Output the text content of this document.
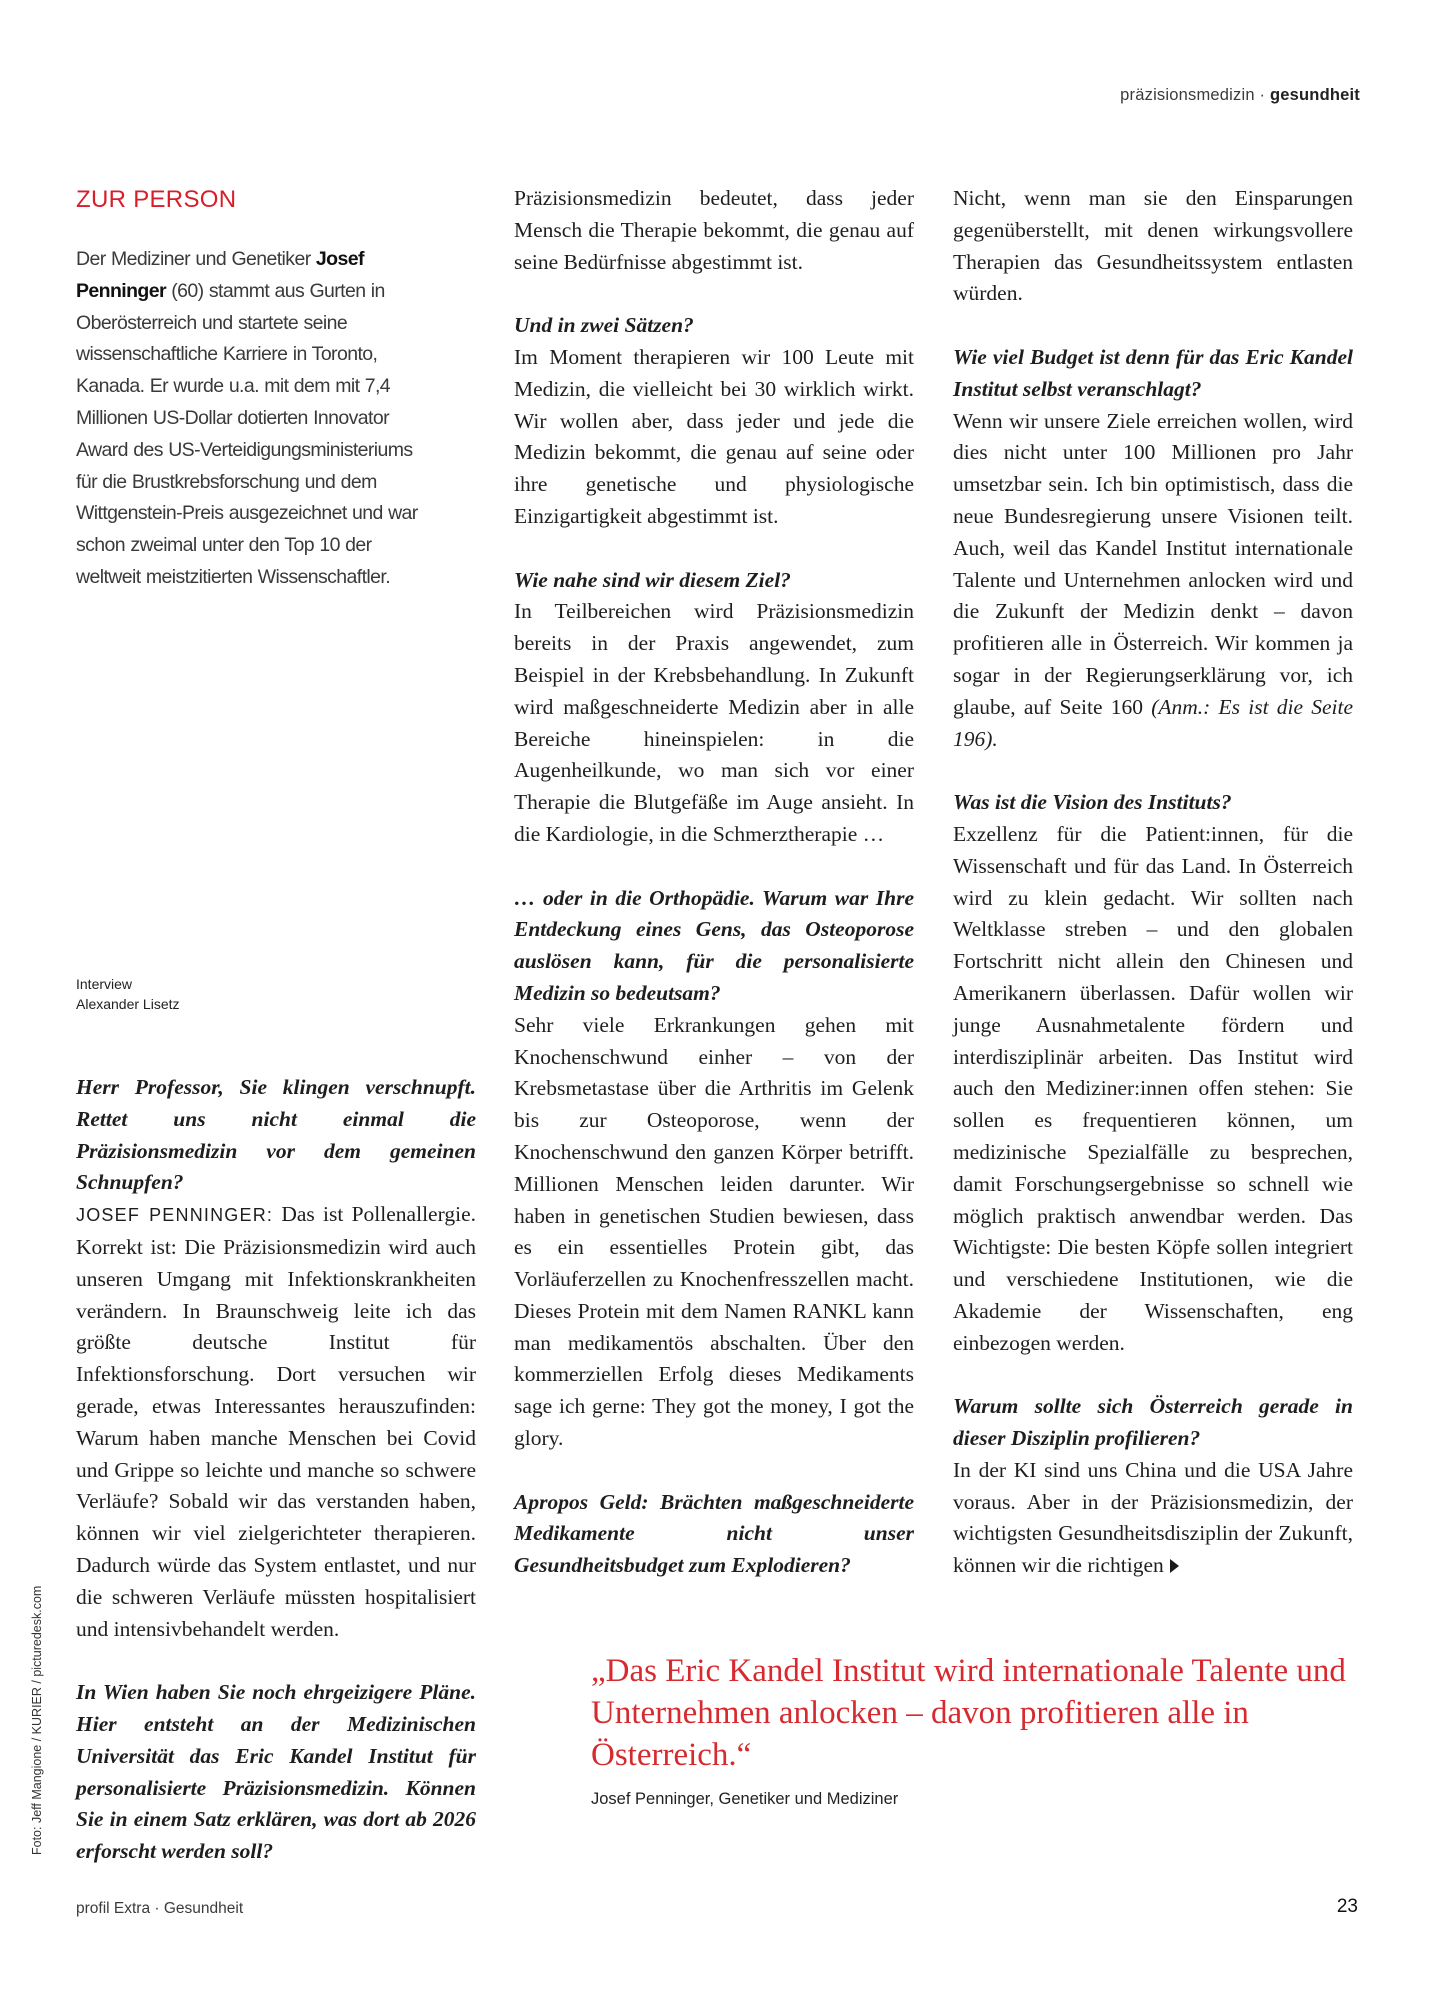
präzisionsmedizin · gesundheit
ZUR PERSON
Der Mediziner und Genetiker Josef Penninger (60) stammt aus Gurten in Oberösterreich und startete seine wissenschaftliche Karriere in Toronto, Kanada. Er wurde u.a. mit dem mit 7,4 Millionen US-Dollar dotierten Innovator Award des US-Verteidigungsministeriums für die Brustkrebsforschung und dem Wittgenstein-Preis ausgezeichnet und war schon zweimal unter den Top 10 der weltweit meistzitierten Wissenschaftler.
Interview
Alexander Lisetz

Herr Professor, Sie klingen verschnupft. Rettet uns nicht einmal die Präzisionsmedizin vor dem gemeinen Schnupfen?
JOSEF PENNINGER: Das ist Pollenallergie. Korrekt ist: Die Präzisionsmedizin wird auch unseren Umgang mit Infektionskrankheiten verändern. In Braunschweig leite ich das größte deutsche Institut für Infektionsforschung. Dort versuchen wir gerade, etwas Interessantes herauszufinden: Warum haben manche Menschen bei Covid und Grippe so leichte und manche so schwere Verläufe? Sobald wir das verstanden haben, können wir viel zielgerichteter therapieren. Dadurch würde das System entlastet, und nur die schweren Verläufe müssten hospitalisiert und intensivbehandelt werden.

In Wien haben Sie noch ehrgeizigere Pläne. Hier entsteht an der Medizinischen Universität das Eric Kandel Institut für personalisierte Präzisionsmedizin. Können Sie in einem Satz erklären, was dort ab 2026 erforscht werden soll?

Präzisionsmedizin bedeutet, dass jeder Mensch die Therapie bekommt, die genau auf seine Bedürfnisse abgestimmt ist.

Und in zwei Sätzen?
Im Moment therapieren wir 100 Leute mit Medizin, die vielleicht bei 30 wirklich wirkt. Wir wollen aber, dass jeder und jede die Medizin bekommt, die genau auf seine oder ihre genetische und physiologische Einzigartigkeit abgestimmt ist.

Wie nahe sind wir diesem Ziel?
In Teilbereichen wird Präzisionsmedizin bereits in der Praxis angewendet, zum Beispiel in der Krebsbehandlung. In Zukunft wird maßgeschneiderte Medizin aber in alle Bereiche hineinspielen: in die Augenheilkunde, wo man sich vor einer Therapie die Blutgefäße im Auge ansieht. In die Kardiologie, in die Schmerztherapie …

… oder in die Orthopädie. Warum war Ihre Entdeckung eines Gens, das Osteoporose auslösen kann, für die personalisierte Medizin so bedeutsam?
Sehr viele Erkrankungen gehen mit Knochenschwund einher – von der Krebsmetastase über die Arthritis im Gelenk bis zur Osteoporose, wenn der Knochenschwund den ganzen Körper betrifft. Millionen Menschen leiden darunter. Wir haben in genetischen Studien bewiesen, dass es ein essentielles Protein gibt, das Vorläuferzellen zu Knochenfresszellen macht. Dieses Protein mit dem Namen RANKL kann man medikamentös abschalten. Über den kommerziellen Erfolg dieses Medikaments sage ich gerne: They got the money, I got the glory.

Apropos Geld: Brächten maßgeschneiderte Medikamente nicht unser Gesundheitsbudget zum Explodieren?

Nicht, wenn man sie den Einsparungen gegenüberstellt, mit denen wirkungsvollere Therapien das Gesundheitssystem entlasten würden.

Wie viel Budget ist denn für das Eric Kandel Institut selbst veranschlagt?
Wenn wir unsere Ziele erreichen wollen, wird dies nicht unter 100 Millionen pro Jahr umsetzbar sein. Ich bin optimistisch, dass die neue Bundesregierung unsere Visionen teilt. Auch, weil das Kandel Institut internationale Talente und Unternehmen anlocken wird und die Zukunft der Medizin denkt – davon profitieren alle in Österreich. Wir kommen ja sogar in der Regierungserklärung vor, ich glaube, auf Seite 160 (Anm.: Es ist die Seite 196).

Was ist die Vision des Instituts?
Exzellenz für die Patient:innen, für die Wissenschaft und für das Land. In Österreich wird zu klein gedacht. Wir sollten nach Weltklasse streben – und den globalen Fortschritt nicht allein den Chinesen und Amerikanern überlassen. Dafür wollen wir junge Ausnahmetalente fördern und interdisziplinär arbeiten. Das Institut wird auch den Mediziner:innen offen stehen: Sie sollen es frequentieren können, um medizinische Spezialfälle zu besprechen, damit Forschungsergebnisse so schnell wie möglich praktisch anwendbar werden. Das Wichtigste: Die besten Köpfe sollen integriert und verschiedene Institutionen, wie die Akademie der Wissenschaften, eng einbezogen werden.

Warum sollte sich Österreich gerade in dieser Disziplin profilieren?
In der KI sind uns China und die USA Jahre voraus. Aber in der Präzisionsmedizin, der wichtigsten Gesundheitsdisziplin der Zukunft, können wir die richtigen

„Das Eric Kandel Institut wird internationale Talente und Unternehmen anlocken – davon profitieren alle in Österreich.“
Josef Penninger, Genetiker und Mediziner
Foto: Jeff Mangione / KURIER / picturedesk.com
profil Extra · Gesundheit	23
